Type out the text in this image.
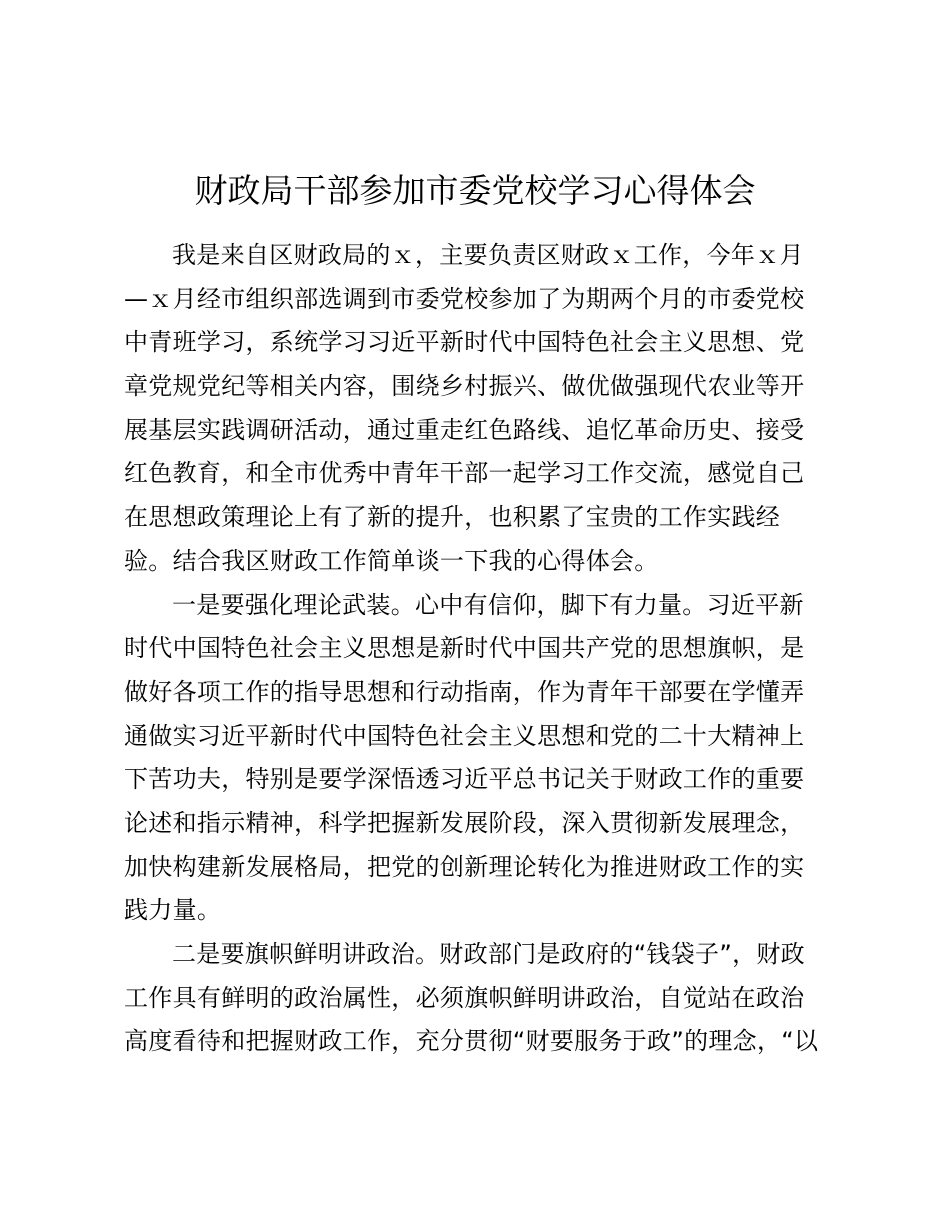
财政局干部参加市委党校学习心得体会
我是来自区财政局的ｘ，主要负责区财政ｘ工作，今年ｘ月
—ｘ月经市组织部选调到市委党校参加了为期两个月的市委党校
中青班学习，系统学习习近平新时代中国特色社会主义思想、党
章党规党纪等相关内容，围绕乡村振兴、做优做强现代农业等开
展基层实践调研活动，通过重走红色路线、追忆革命历史、接受
红色教育，和全市优秀中青年干部一起学习工作交流，感觉自己
在思想政策理论上有了新的提升，也积累了宝贵的工作实践经
验。结合我区财政工作简单谈一下我的心得体会。
一是要强化理论武装。心中有信仰，脚下有力量。习近平新
时代中国特色社会主义思想是新时代中国共产党的思想旗帜，是
做好各项工作的指导思想和行动指南，作为青年干部要在学懂弄
通做实习近平新时代中国特色社会主义思想和党的二十大精神上
下苦功夫，特别是要学深悟透习近平总书记关于财政工作的重要
论述和指示精神，科学把握新发展阶段，深入贯彻新发展理念，
加快构建新发展格局，把党的创新理论转化为推进财政工作的实
践力量。
二是要旗帜鲜明讲政治。财政部门是政府的“钱袋子”，财政
工作具有鲜明的政治属性，必须旗帜鲜明讲政治，自觉站在政治
高度看待和把握财政工作，充分贯彻“财要服务于政”的理念，“以
